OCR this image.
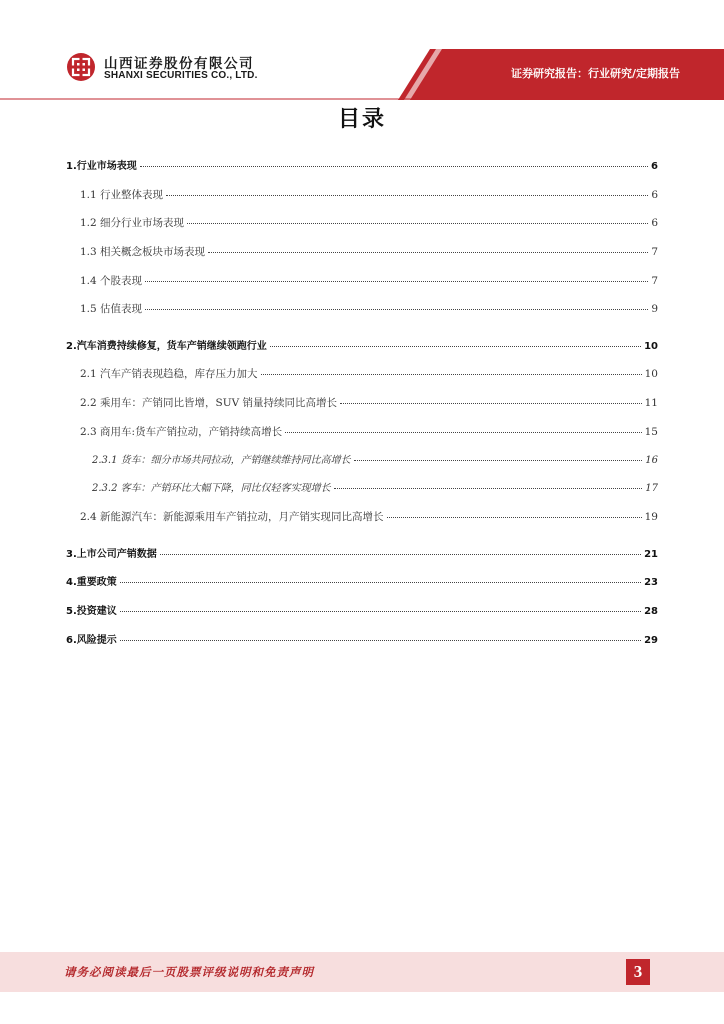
山西证券股份有限公司
SHANXI SECURITIES CO., LTD.	证券研究报告：行业研究/定期报告
目录
1.行业市场表现	6
1.1 行业整体表现	6
1.2 细分行业市场表现	6
1.3 相关概念板块市场表现	7
1.4 个股表现	7
1.5 估值表现	9
2.汽车消费持续修复，货车产销继续领跑行业	10
2.1 汽车产销表现趋稳，库存压力加大	10
2.2 乘用车：产销同比皆增，SUV 销量持续同比高增长	11
2.3 商用车:货车产销拉动，产销持续高增长	15
2.3.1 货车：细分市场共同拉动，产销继续维持同比高增长	16
2.3.2 客车：产销环比大幅下降，同比仅轻客实现增长	17
2.4 新能源汽车：新能源乘用车产销拉动，月产销实现同比高增长	19
3.上市公司产销数据	21
4.重要政策	23
5.投资建议	28
6.风险提示	29
请务必阅读最后一页股票评级说明和免责声明	3
